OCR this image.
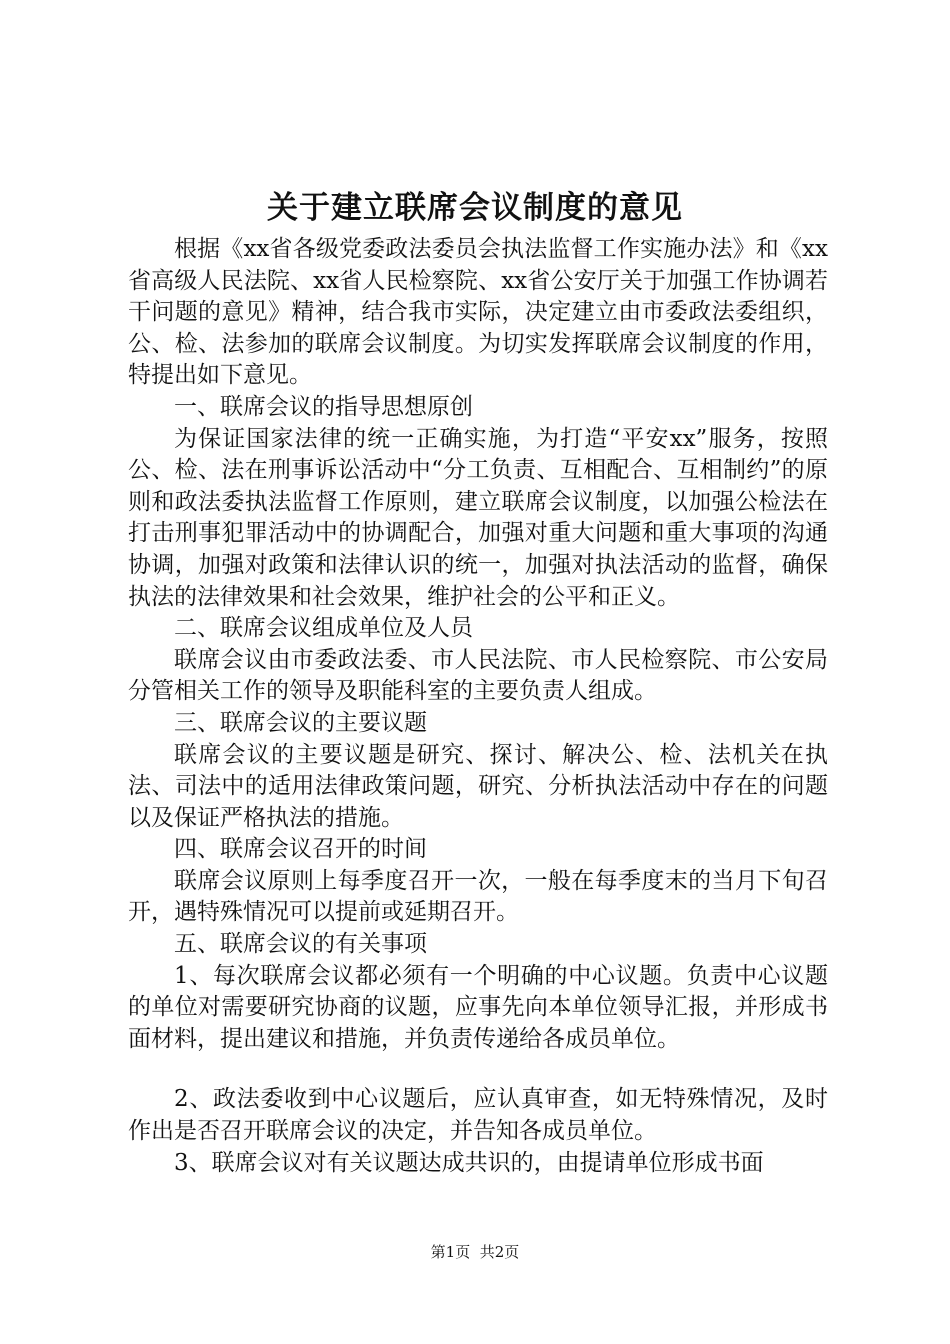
关于建立联席会议制度的意见

根据《xx省各级党委政法委员会执法监督工作实施办法》和《xx省高级人民法院、xx省人民检察院、xx省公安厅关于加强工作协调若干问题的意见》精神，结合我市实际，决定建立由市委政法委组织，公、检、法参加的联席会议制度。为切实发挥联席会议制度的作用，特提出如下意见。

一、联席会议的指导思想原创

为保证国家法律的统一正确实施，为打造“平安xx”服务，按照公、检、法在刑事诉讼活动中“分工负责、互相配合、互相制约”的原则和政法委执法监督工作原则，建立联席会议制度，以加强公检法在打击刑事犯罪活动中的协调配合，加强对重大问题和重大事项的沟通协调，加强对政策和法律认识的统一，加强对执法活动的监督，确保执法的法律效果和社会效果，维护社会的公平和正义。

二、联席会议组成单位及人员

联席会议由市委政法委、市人民法院、市人民检察院、市公安局分管相关工作的领导及职能科室的主要负责人组成。

三、联席会议的主要议题

联席会议的主要议题是研究、探讨、解决公、检、法机关在执法、司法中的适用法律政策问题，研究、分析执法活动中存在的问题以及保证严格执法的措施。

四、联席会议召开的时间

联席会议原则上每季度召开一次，一般在每季度末的当月下旬召开，遇特殊情况可以提前或延期召开。

五、联席会议的有关事项

1、每次联席会议都必须有一个明确的中心议题。负责中心议题的单位对需要研究协商的议题，应事先向本单位领导汇报，并形成书面材料，提出建议和措施，并负责传递给各成员单位。

2、政法委收到中心议题后，应认真审查，如无特殊情况，及时作出是否召开联席会议的决定，并告知各成员单位。

3、联席会议对有关议题达成共识的，由提请单位形成书面

第1页 共2页
